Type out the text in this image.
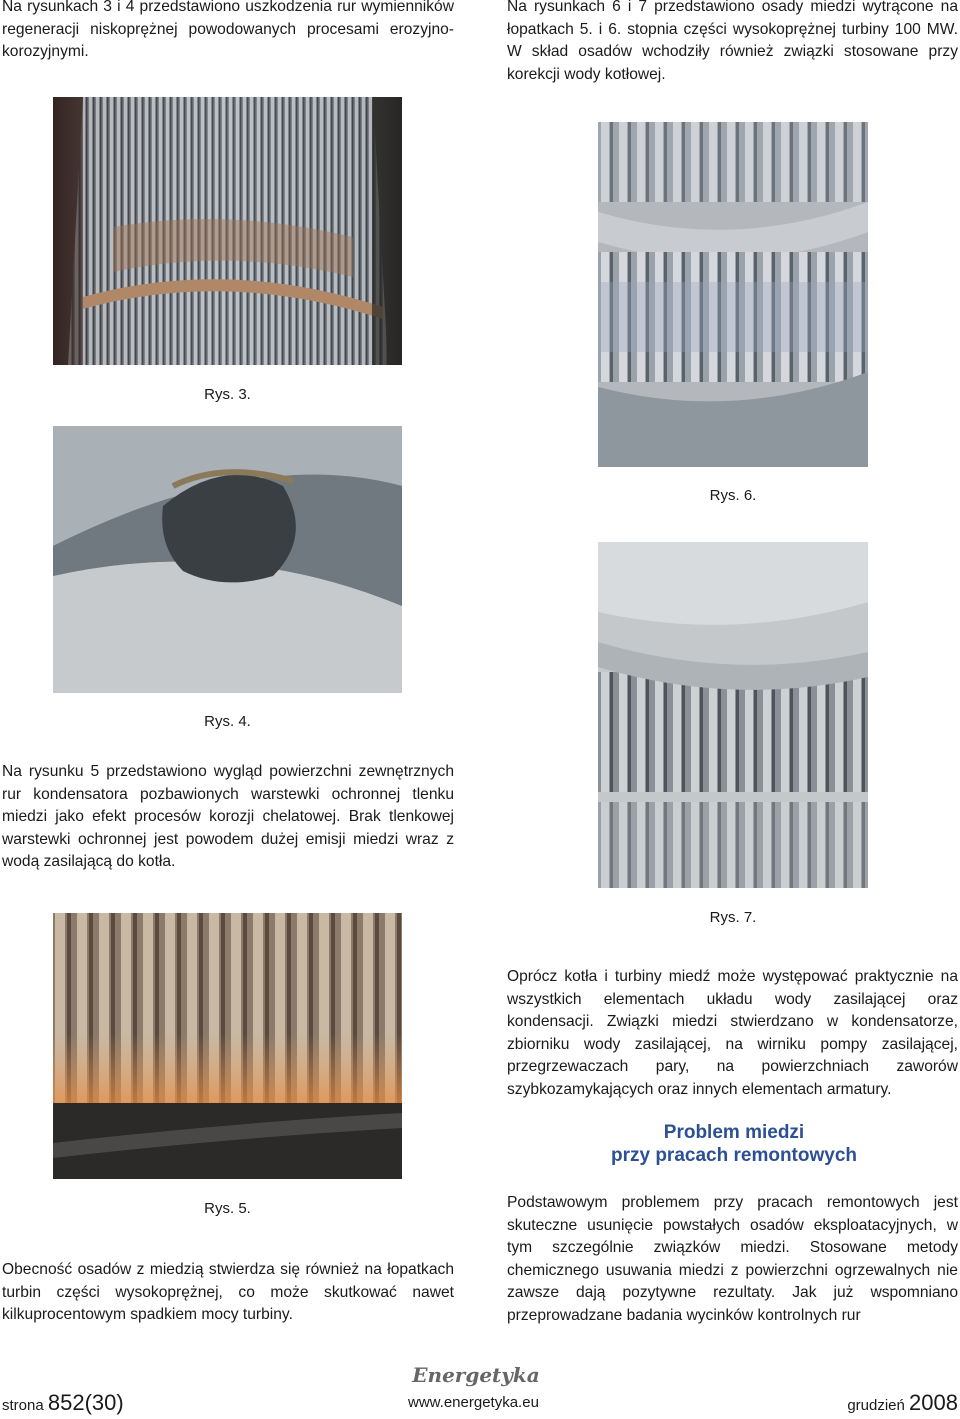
Na rysunkach 3 i 4 przedstawiono uszkodzenia rur wymienników regeneracji niskoprężnej powodowanych procesami erozyjno-korozyjnymi.

Rys. 3.

Rys. 4.

Na rysunku 5 przedstawiono wygląd powierzchni zewnętrznych rur kondensatora pozbawionych warstewki ochronnej tlenku miedzi jako efekt procesów korozji chelatowej. Brak tlenkowej warstewki ochronnej jest powodem dużej emisji miedzi wraz z wodą zasilającą do kotła.

Rys. 5.

Obecność osadów z miedzią stwierdza się również na łopatkach turbin części wysokoprężnej, co może skutkować nawet kilkuprocentowym spadkiem mocy turbiny.

Na rysunkach 6 i 7 przedstawiono osady miedzi wytrącone na łopatkach 5. i 6. stopnia części wysokoprężnej turbiny 100 MW. W skład osadów wchodziły również związki stosowane przy korekcji wody kotłowej.

Rys. 6.

Rys. 7.

Oprócz kotła i turbiny miedź może występować praktycznie na wszystkich elementach układu wody zasilającej oraz kondensacji. Związki miedzi stwierdzano w kondensatorze, zbiorniku wody zasilającej, na wirniku pompy zasilającej, przegrzewaczach pary, na powierzchniach zaworów szybkozamykających oraz innych elementach armatury.

Problem miedzi
przy pracach remontowych

Podstawowym problemem przy pracach remontowych jest skuteczne usunięcie powstałych osadów eksploatacyjnych, w tym szczególnie związków miedzi. Stosowane metody chemicznego usuwania miedzi z powierzchni ogrzewalnych nie zawsze dają pozytywne rezultaty. Jak już wspomniano przeprowadzane badania wycinków kontrolnych rur

Energetyka
strona 852(30)	www.energetyka.eu	grudzień 2008
